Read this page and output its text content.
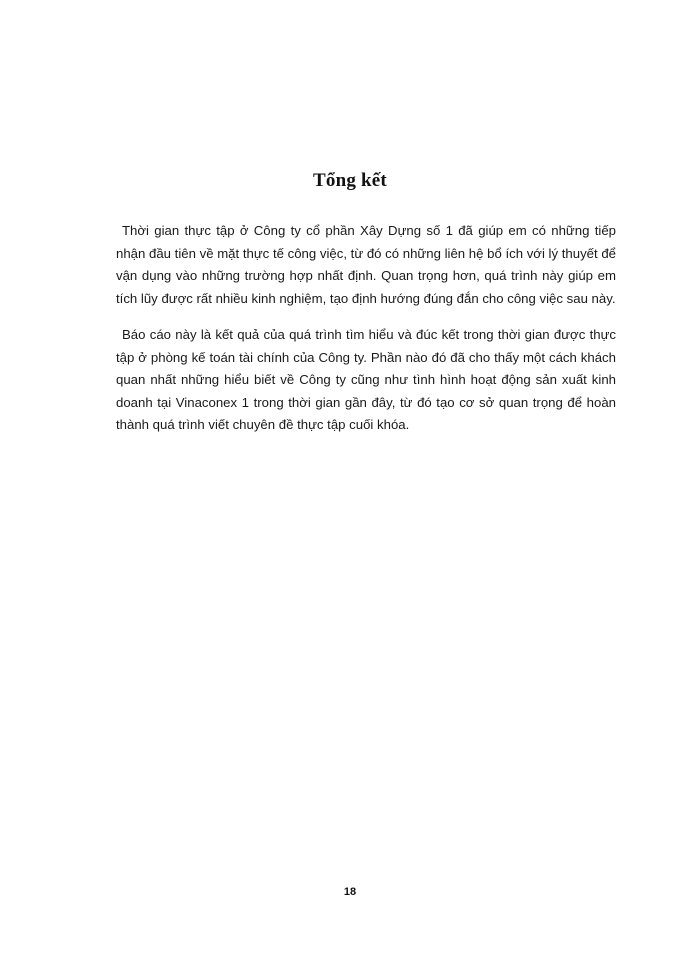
Tổng kết

Thời gian thực tập ở Công ty cổ phần Xây Dựng số 1 đã giúp em có những tiếp nhận đầu tiên về mặt thực tế công việc, từ đó có những liên hệ bổ ích với lý thuyết để vận dụng vào những trường hợp nhất định. Quan trọng hơn, quá trình này giúp em tích lũy được rất nhiều kinh nghiệm, tạo định hướng đúng đắn cho công việc sau này.

Báo cáo này là kết quả của quá trình tìm hiểu và đúc kết trong thời gian được thực tập ở phòng kế toán tài chính của Công ty. Phần nào đó đã cho thấy một cách khách quan nhất những hiểu biết về Công ty cũng như tình hình hoạt động sản xuất kinh doanh tại Vinaconex 1 trong thời gian gần đây, từ đó tạo cơ sở quan trọng để hoàn thành quá trình viết chuyên đề thực tập cuối khóa.

18
